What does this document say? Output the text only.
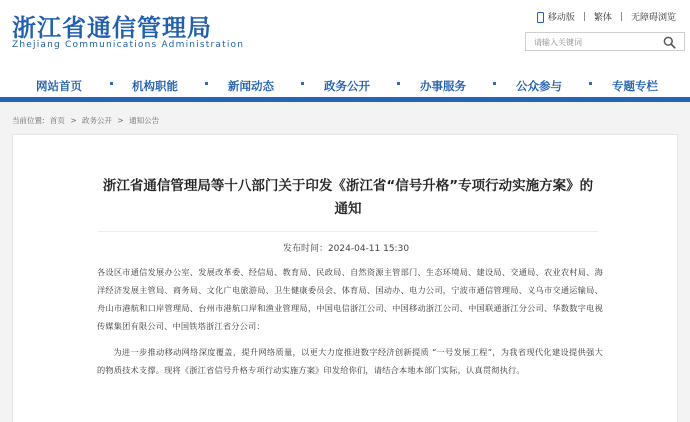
浙江省通信管理局
Zhejiang Communications Administration
移动版 | 繁体 | 无障碍浏览
请输入关键词
网站首页	机构职能	新闻动态	政务公开	办事服务	公众参与	专题专栏
当前位置: 首页 > 政务公开 > 通知公告
浙江省通信管理局等十八部门关于印发《浙江省“信号升格”专项行动实施方案》的通知
发布时间：2024-04-11 15:30

各设区市通信发展办公室、发展改革委、经信局、教育局、民政局、自然资源主管部门、生态环境局、建设局、交通局、农业农村局、海洋经济发展主管局、商务局、文化广电旅游局、卫生健康委员会、体育局、国动办、电力公司，宁波市通信管理局、义乌市交通运输局、舟山市港航和口岸管理局、台州市港航口岸和渔业管理局，中国电信浙江公司、中国移动浙江公司、中国联通浙江分公司、华数数字电视传媒集团有限公司、中国铁塔浙江省分公司：

为进一步推动移动网络深度覆盖，提升网络质量，以更大力度推进数字经济创新提质 “一号发展工程”，为我省现代化建设提供强大的物质技术支撑。现将《浙江省信号升格专项行动实施方案》印发给你们，请结合本地本部门实际，认真贯彻执行。
